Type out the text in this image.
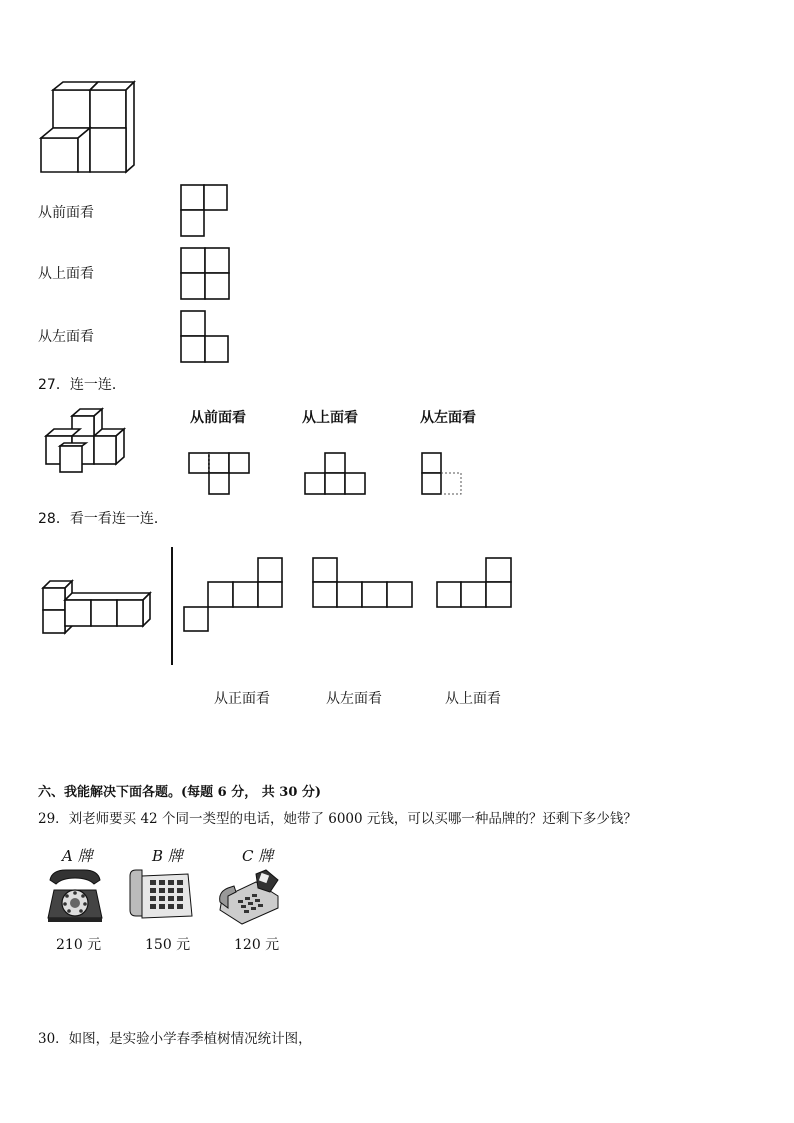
从前面看
从上面看
从左面看
27．连一连．
从前面看	从上面看	从左面看
28．看一看连一连．
从正面看	从左面看	从上面看
六、我能解决下面各题。(每题 6 分， 共 30 分)
29．刘老师要买 42 个同一类型的电话，她带了 6000 元钱，可以买哪一种品牌的？还剩下多少钱？
A 牌	B 牌	C 牌
210 元	150 元	120 元
30．如图，是实验小学春季植树情况统计图，
